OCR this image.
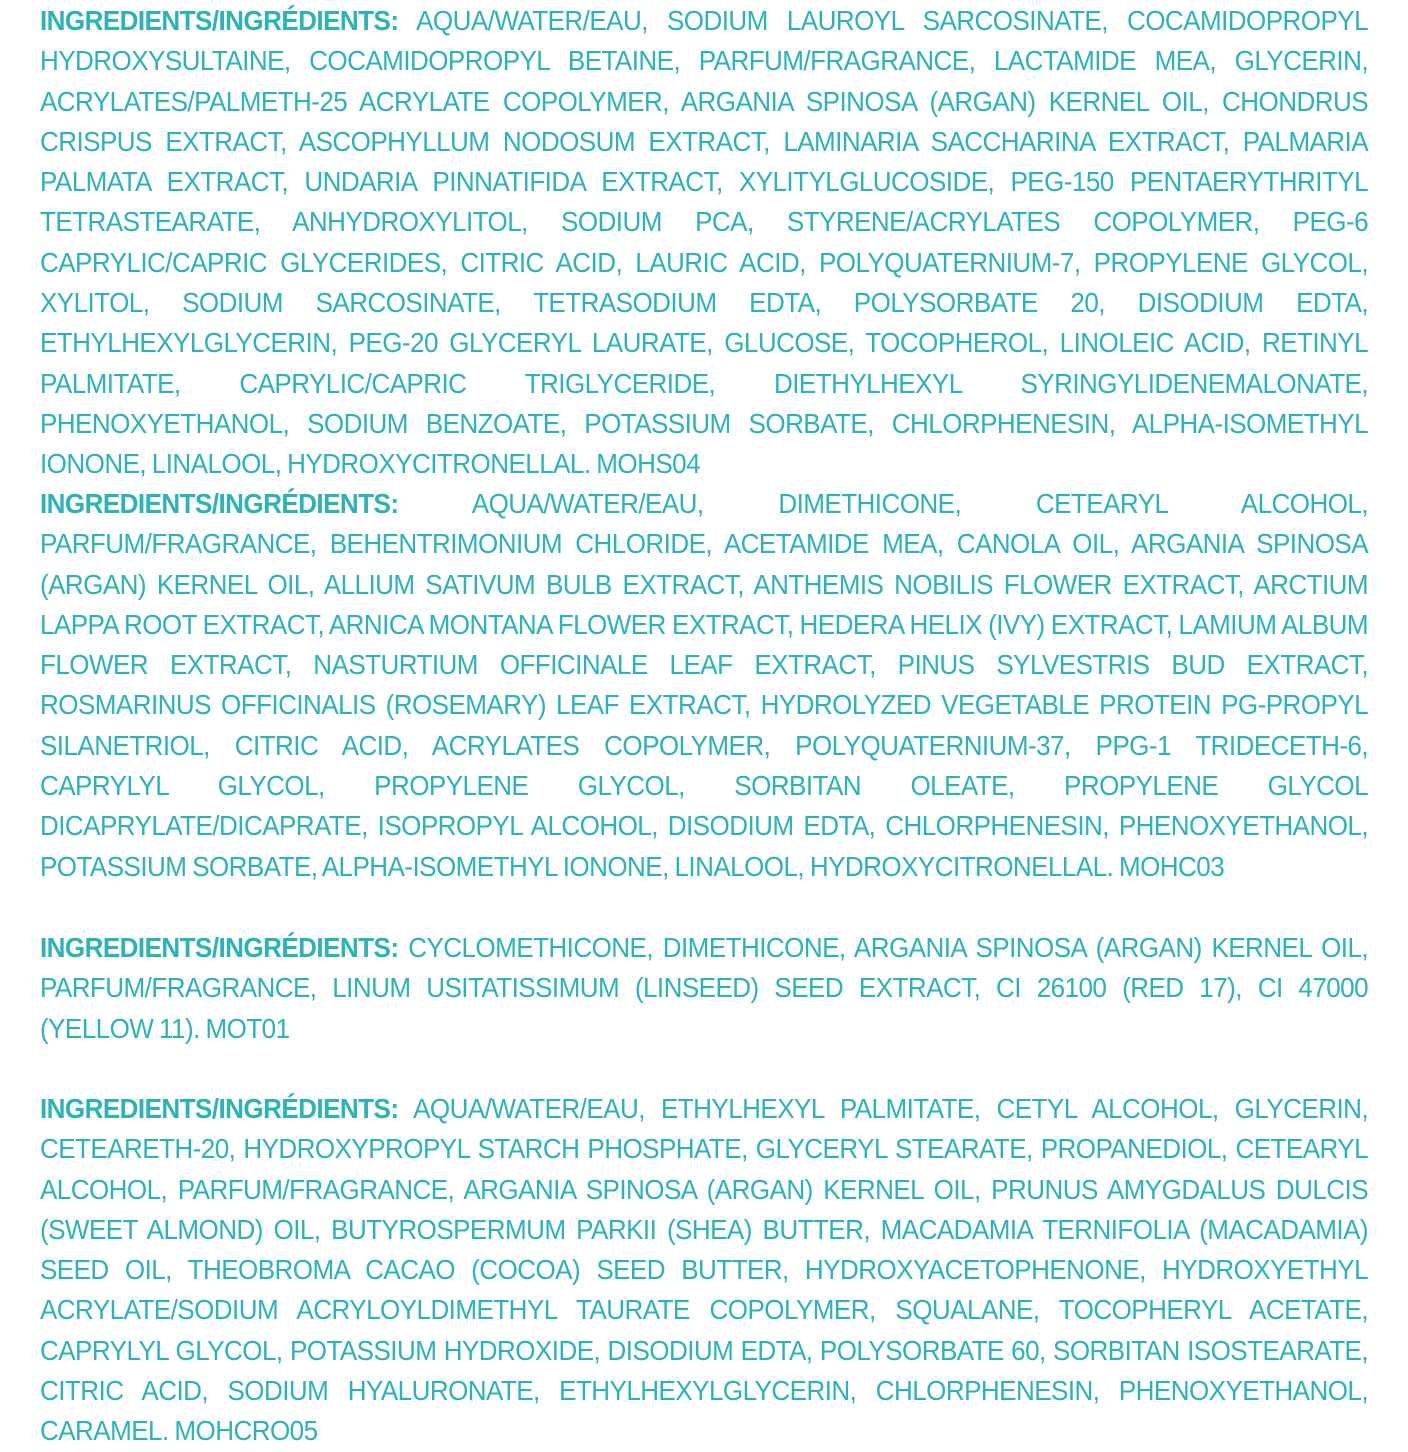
INGREDIENTS/INGRÉDIENTS: AQUA/WATER/EAU, SODIUM LAUROYL SARCOSINATE, COCAMIDOPROPYL HYDROXYSULTAINE, COCAMIDOPROPYL BETAINE, PARFUM/FRAGRANCE, LACTAMIDE MEA, GLYCERIN, ACRYLATES/PALMETH-25 ACRYLATE COPOLYMER, ARGANIA SPINOSA (ARGAN) KERNEL OIL, CHONDRUS CRISPUS EXTRACT, ASCOPHYLLUM NODOSUM EXTRACT, LAMINARIA SACCHARINA EXTRACT, PALMARIA PALMATA EXTRACT, UNDARIA PINNATIFIDA EXTRACT, XYLITYLGLUCOSIDE, PEG-150 PENTAERYTHRITYL TETRASTEARATE, ANHYDROXYLITOL, SODIUM PCA, STYRENE/ACRYLATES COPOLYMER, PEG-6 CAPRYLIC/CAPRIC GLYCERIDES, CITRIC ACID, LAURIC ACID, POLYQUATERNIUM-7, PROPYLENE GLYCOL, XYLITOL, SODIUM SARCOSINATE, TETRASODIUM EDTA, POLYSORBATE 20, DISODIUM EDTA, ETHYLHEXYLGLYCERIN, PEG-20 GLYCERYL LAURATE, GLUCOSE, TOCOPHEROL, LINOLEIC ACID, RETINYL PALMITATE, CAPRYLIC/CAPRIC TRIGLYCERIDE, DIETHYLHEXYL SYRINGYLIDENEMALONATE, PHENOXYETHANOL, SODIUM BENZOATE, POTASSIUM SORBATE, CHLORPHENESIN, ALPHA-ISOMETHYL IONONE, LINALOOL, HYDROXYCITRONELLAL. MOHS04

INGREDIENTS/INGRÉDIENTS:	AQUA/WATER/EAU, DIMETHICONE, CETEARYL ALCOHOL, PARFUM/FRAGRANCE, BEHENTRIMONIUM CHLORIDE, ACETAMIDE MEA, CANOLA OIL, ARGANIA SPINOSA (ARGAN) KERNEL OIL, ALLIUM SATIVUM BULB EXTRACT, ANTHEMIS NOBILIS FLOWER EXTRACT, ARCTIUM LAPPA ROOT EXTRACT, ARNICA MONTANA FLOWER EXTRACT, HEDERA HELIX (IVY) EXTRACT, LAMIUM ALBUM FLOWER EXTRACT, NASTURTIUM OFFICINALE LEAF EXTRACT, PINUS SYLVESTRIS BUD EXTRACT, ROSMARINUS OFFICINALIS (ROSEMARY) LEAF EXTRACT, HYDROLYZED VEGETABLE PROTEIN PG-PROPYL SILANETRIOL, CITRIC ACID, ACRYLATES COPOLYMER, POLYQUATERNIUM-37, PPG-1 TRIDECETH-6, CAPRYLYL GLYCOL, PROPYLENE GLYCOL, SORBITAN OLEATE, PROPYLENE GLYCOL DICAPRYLATE/DICAPRATE, ISOPROPYL ALCOHOL, DISODIUM EDTA, CHLORPHENESIN, PHENOXYETHANOL, POTASSIUM SORBATE, ALPHA-ISOMETHYL IONONE, LINALOOL, HYDROXYCITRONELLAL. MOHC03

INGREDIENTS/INGRÉDIENTS: CYCLOMETHICONE, DIMETHICONE, ARGANIA SPINOSA (ARGAN) KERNEL OIL, PARFUM/FRAGRANCE, LINUM USITATISSIMUM (LINSEED) SEED EXTRACT, CI 26100 (RED 17), CI 47000 (YELLOW 11). MOT01

INGREDIENTS/INGRÉDIENTS: AQUA/WATER/EAU, ETHYLHEXYL PALMITATE, CETYL ALCOHOL, GLYCERIN, CETEARETH-20, HYDROXYPROPYL STARCH PHOSPHATE, GLYCERYL STEARATE, PROPANEDIOL, CETEARYL ALCOHOL, PARFUM/FRAGRANCE, ARGANIA SPINOSA (ARGAN) KERNEL OIL, PRUNUS AMYGDALUS DULCIS (SWEET ALMOND) OIL, BUTYROSPERMUM PARKII (SHEA) BUTTER, MACADAMIA TERNIFOLIA (MACADAMIA) SEED OIL, THEOBROMA CACAO (COCOA) SEED BUTTER, HYDROXYACETOPHENONE, HYDROXYETHYL ACRYLATE/SODIUM ACRYLOYLDIMETHYL TAURATE COPOLYMER, SQUALANE, TOCOPHERYL ACETATE, CAPRYLYL GLYCOL, POTASSIUM HYDROXIDE, DISODIUM EDTA, POLYSORBATE 60, SORBITAN ISOSTEARATE, CITRIC ACID, SODIUM HYALURONATE, ETHYLHEXYLGLYCERIN, CHLORPHENESIN, PHENOXYETHANOL, CARAMEL. MOHCRO05
